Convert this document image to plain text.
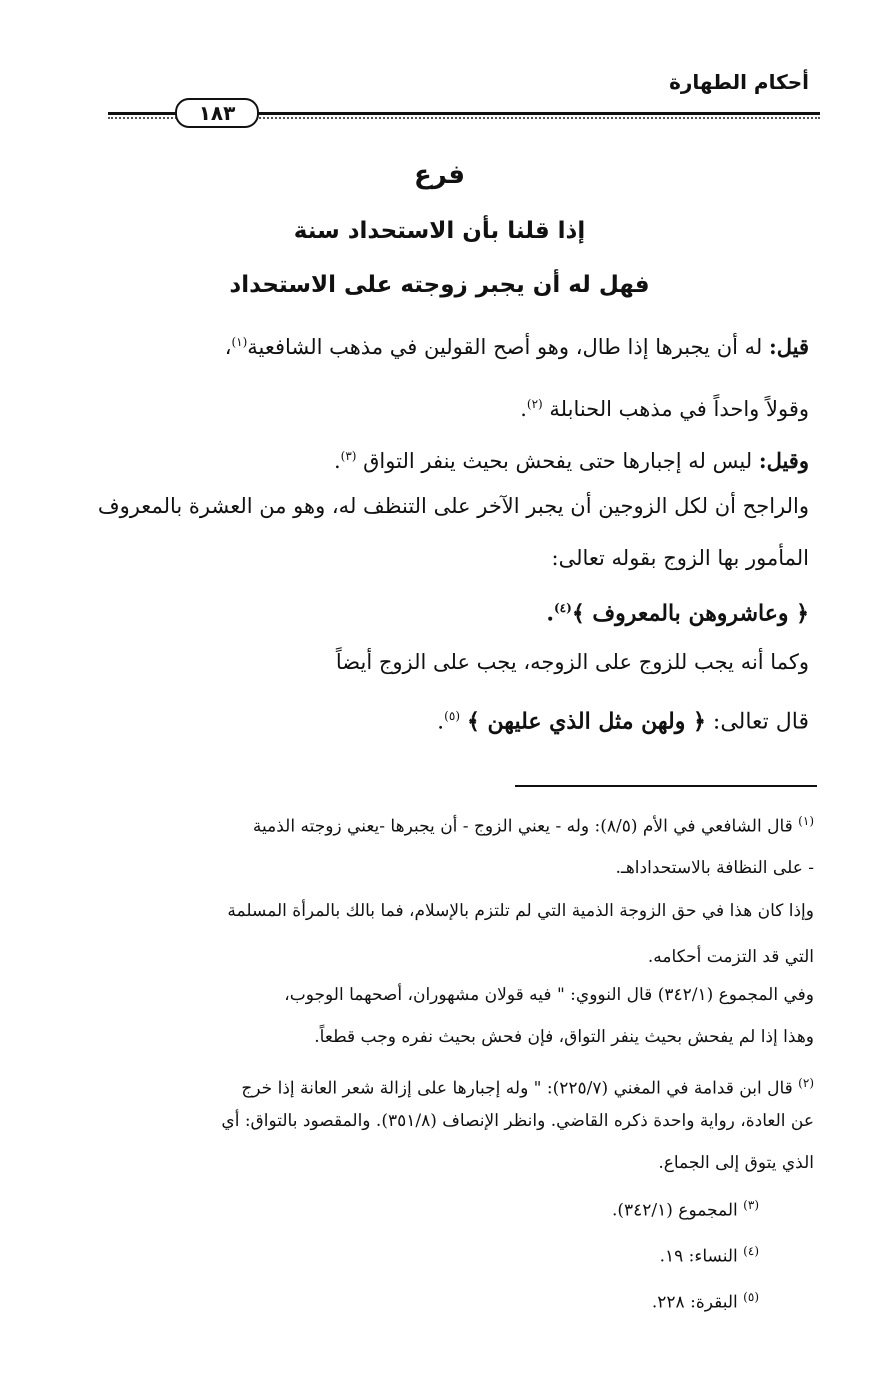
أحكام الطهارة
١٨٣
فرع
إذا قلنا بأن الاستحداد سنة
فهل له أن يجبر زوجته على الاستحداد
قيل: له أن يجبرها إذا طال، وهو أصح القولين في مذهب الشافعية$^{(١)}$،
وقولاً واحداً في مذهب الحنابلة $^{(٢)}$.
وقيل: ليس له إجبارها حتى يفحش بحيث ينفر التواق $^{(٣)}$.
والراجح أن لكل الزوجين أن يجبر الآخر على التنظف له، وهو من العشرة بالمعروف
المأمور بها الزوج بقوله تعالى:
﴿ وعاشروهن بالمعروف ﴾$^{(٤)}$.
وكما أنه يجب للزوج على الزوجه، يجب على الزوج أيضاً
قال تعالى: ﴿ ولهن مثل الذي عليهن ﴾ $^{(٥)}$.
$^{(١)}$ قال الشافعي في الأم (٨/٥): وله - يعني الزوج - أن يجبرها -يعني زوجته الذمية
- على النظافة بالاستحداداهـ.
وإذا كان هذا في حق الزوجة الذمية التي لم تلتزم بالإسلام، فما بالك بالمرأة المسلمة
التي قد التزمت أحكامه.
وفي المجموع (٣٤٢/١) قال النووي: " فيه قولان مشهوران، أصحهما الوجوب،
وهذا إذا لم يفحش بحيث ينفر التواق، فإن فحش بحيث نفره وجب قطعاً.
$^{(٢)}$ قال ابن قدامة في المغني (٢٢٥/٧): " وله إجبارها على إزالة شعر العانة إذا خرج
عن العادة، رواية واحدة ذكره القاضي. وانظر الإنصاف (٣٥١/٨). والمقصود بالتواق: أي
الذي يتوق إلى الجماع.
$^{(٣)}$ المجموع (٣٤٢/١).
$^{(٤)}$ النساء: ١٩.
$^{(٥)}$ البقرة: ٢٢٨.
